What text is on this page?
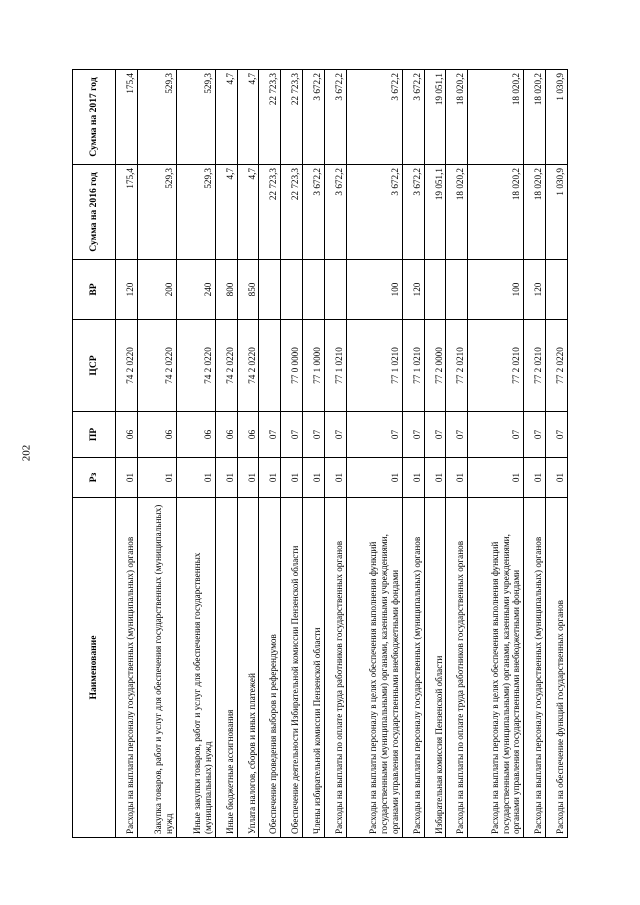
202
Наименование	Рз	ПР	ЦСР	ВР	Сумма на 2016 год	Сумма на 2017 год
Расходы на выплаты персоналу государственных (муниципальных) органов	01	06	74 2 0220	120	175,4	175,4
Закупка товаров, работ и услуг для обеспечения государственных (муниципальных) нужд	01	06	74 2 0220	200	529,3	529,3
Иные закупки товаров, работ и услуг для обеспечения государственных (муниципальных) нужд	01	06	74 2 0220	240	529,3	529,3
Иные бюджетные ассигнования	01	06	74 2 0220	800	4,7	4,7
Уплата налогов, сборов и иных платежей	01	06	74 2 0220	850	4,7	4,7
Обеспечение проведения выборов и референдумов	01	07			22 723,3	22 723,3
Обеспечение деятельности Избирательной комиссии Пензенской области	01	07	77 0 0000		22 723,3	22 723,3
Члены избирательной комиссии Пензенской области	01	07	77 1 0000		3 672,2	3 672,2
Расходы на выплаты по оплате труда работников государственных органов	01	07	77 1 0210		3 672,2	3 672,2
Расходы на выплаты персоналу в целях обеспечения выполнения функций государственными (муниципальными) органами, казенными учреждениями, органами управления государственными внебюджетными фондами	01	07	77 1 0210	100	3 672,2	3 672,2
Расходы на выплаты персоналу государственных (муниципальных) органов	01	07	77 1 0210	120	3 672,2	3 672,2
Избирательная комиссия Пензенской области	01	07	77 2 0000		19 051,1	19 051,1
Расходы на выплаты по оплате труда работников государственных органов	01	07	77 2 0210		18 020,2	18 020,2
Расходы на выплаты персоналу в целях обеспечения выполнения функций государственными (муниципальными) органами, казенными учреждениями, органами управления государственными внебюджетными фондами	01	07	77 2 0210	100	18 020,2	18 020,2
Расходы на выплаты персоналу государственных (муниципальных) органов	01	07	77 2 0210	120	18 020,2	18 020,2
Расходы на обеспечение функций государственных органов	01	07	77 2 0220		1 030,9	1 030,9
